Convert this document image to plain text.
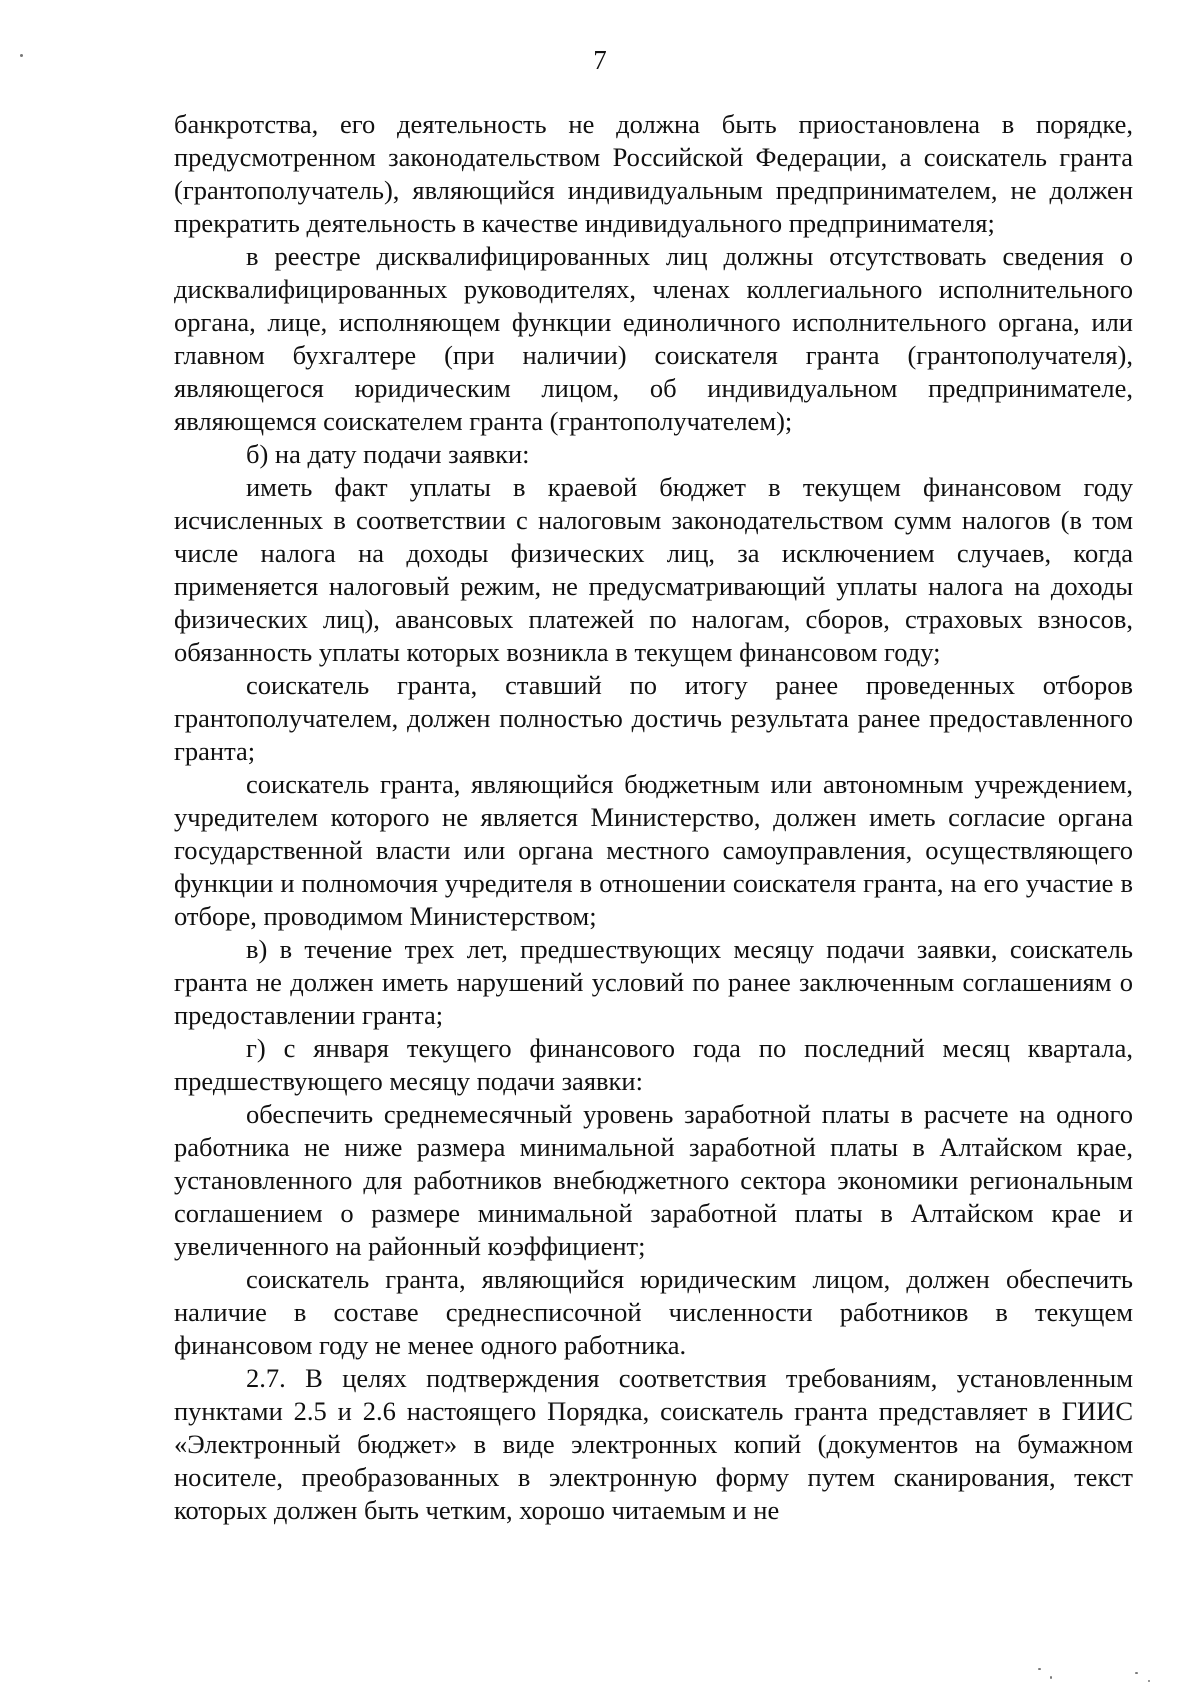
7

банкротства, его деятельность не должна быть приостановлена в порядке, предусмотренном законодательством Российской Федерации, а соискатель гранта (грантополучатель), являющийся индивидуальным предпринимателем, не должен прекратить деятельность в качестве индивидуального предпринимателя;

в реестре дисквалифицированных лиц должны отсутствовать сведения о дисквалифицированных руководителях, членах коллегиального исполнительного органа, лице, исполняющем функции единоличного исполнительного органа, или главном бухгалтере (при наличии) соискателя гранта (грантополучателя), являющегося юридическим лицом, об индивидуальном предпринимателе, являющемся соискателем гранта (грантополучателем);

б) на дату подачи заявки:

иметь факт уплаты в краевой бюджет в текущем финансовом году исчисленных в соответствии с налоговым законодательством сумм налогов (в том числе налога на доходы физических лиц, за исключением случаев, когда применяется налоговый режим, не предусматривающий уплаты налога на доходы физических лиц), авансовых платежей по налогам, сборов, страховых взносов, обязанность уплаты которых возникла в текущем финансовом году;

соискатель гранта, ставший по итогу ранее проведенных отборов грантополучателем, должен полностью достичь результата ранее предоставленного гранта;

соискатель гранта, являющийся бюджетным или автономным учреждением, учредителем которого не является Министерство, должен иметь согласие органа государственной власти или органа местного самоуправления, осуществляющего функции и полномочия учредителя в отношении соискателя гранта, на его участие в отборе, проводимом Министерством;

в) в течение трех лет, предшествующих месяцу подачи заявки, соискатель гранта не должен иметь нарушений условий по ранее заключенным соглашениям о предоставлении гранта;

г) с января текущего финансового года по последний месяц квартала, предшествующего месяцу подачи заявки:

обеспечить среднемесячный уровень заработной платы в расчете на одного работника не ниже размера минимальной заработной платы в Алтайском крае, установленного для работников внебюджетного сектора экономики региональным соглашением о размере минимальной заработной платы в Алтайском крае и увеличенного на районный коэффициент;

соискатель гранта, являющийся юридическим лицом, должен обеспечить наличие в составе среднесписочной численности работников в текущем финансовом году не менее одного работника.

2.7. В целях подтверждения соответствия требованиям, установленным пунктами 2.5 и 2.6 настоящего Порядка, соискатель гранта представляет в ГИИС «Электронный бюджет» в виде электронных копий (документов на бумажном носителе, преобразованных в электронную форму путем сканирования, текст которых должен быть четким, хорошо читаемым и не
